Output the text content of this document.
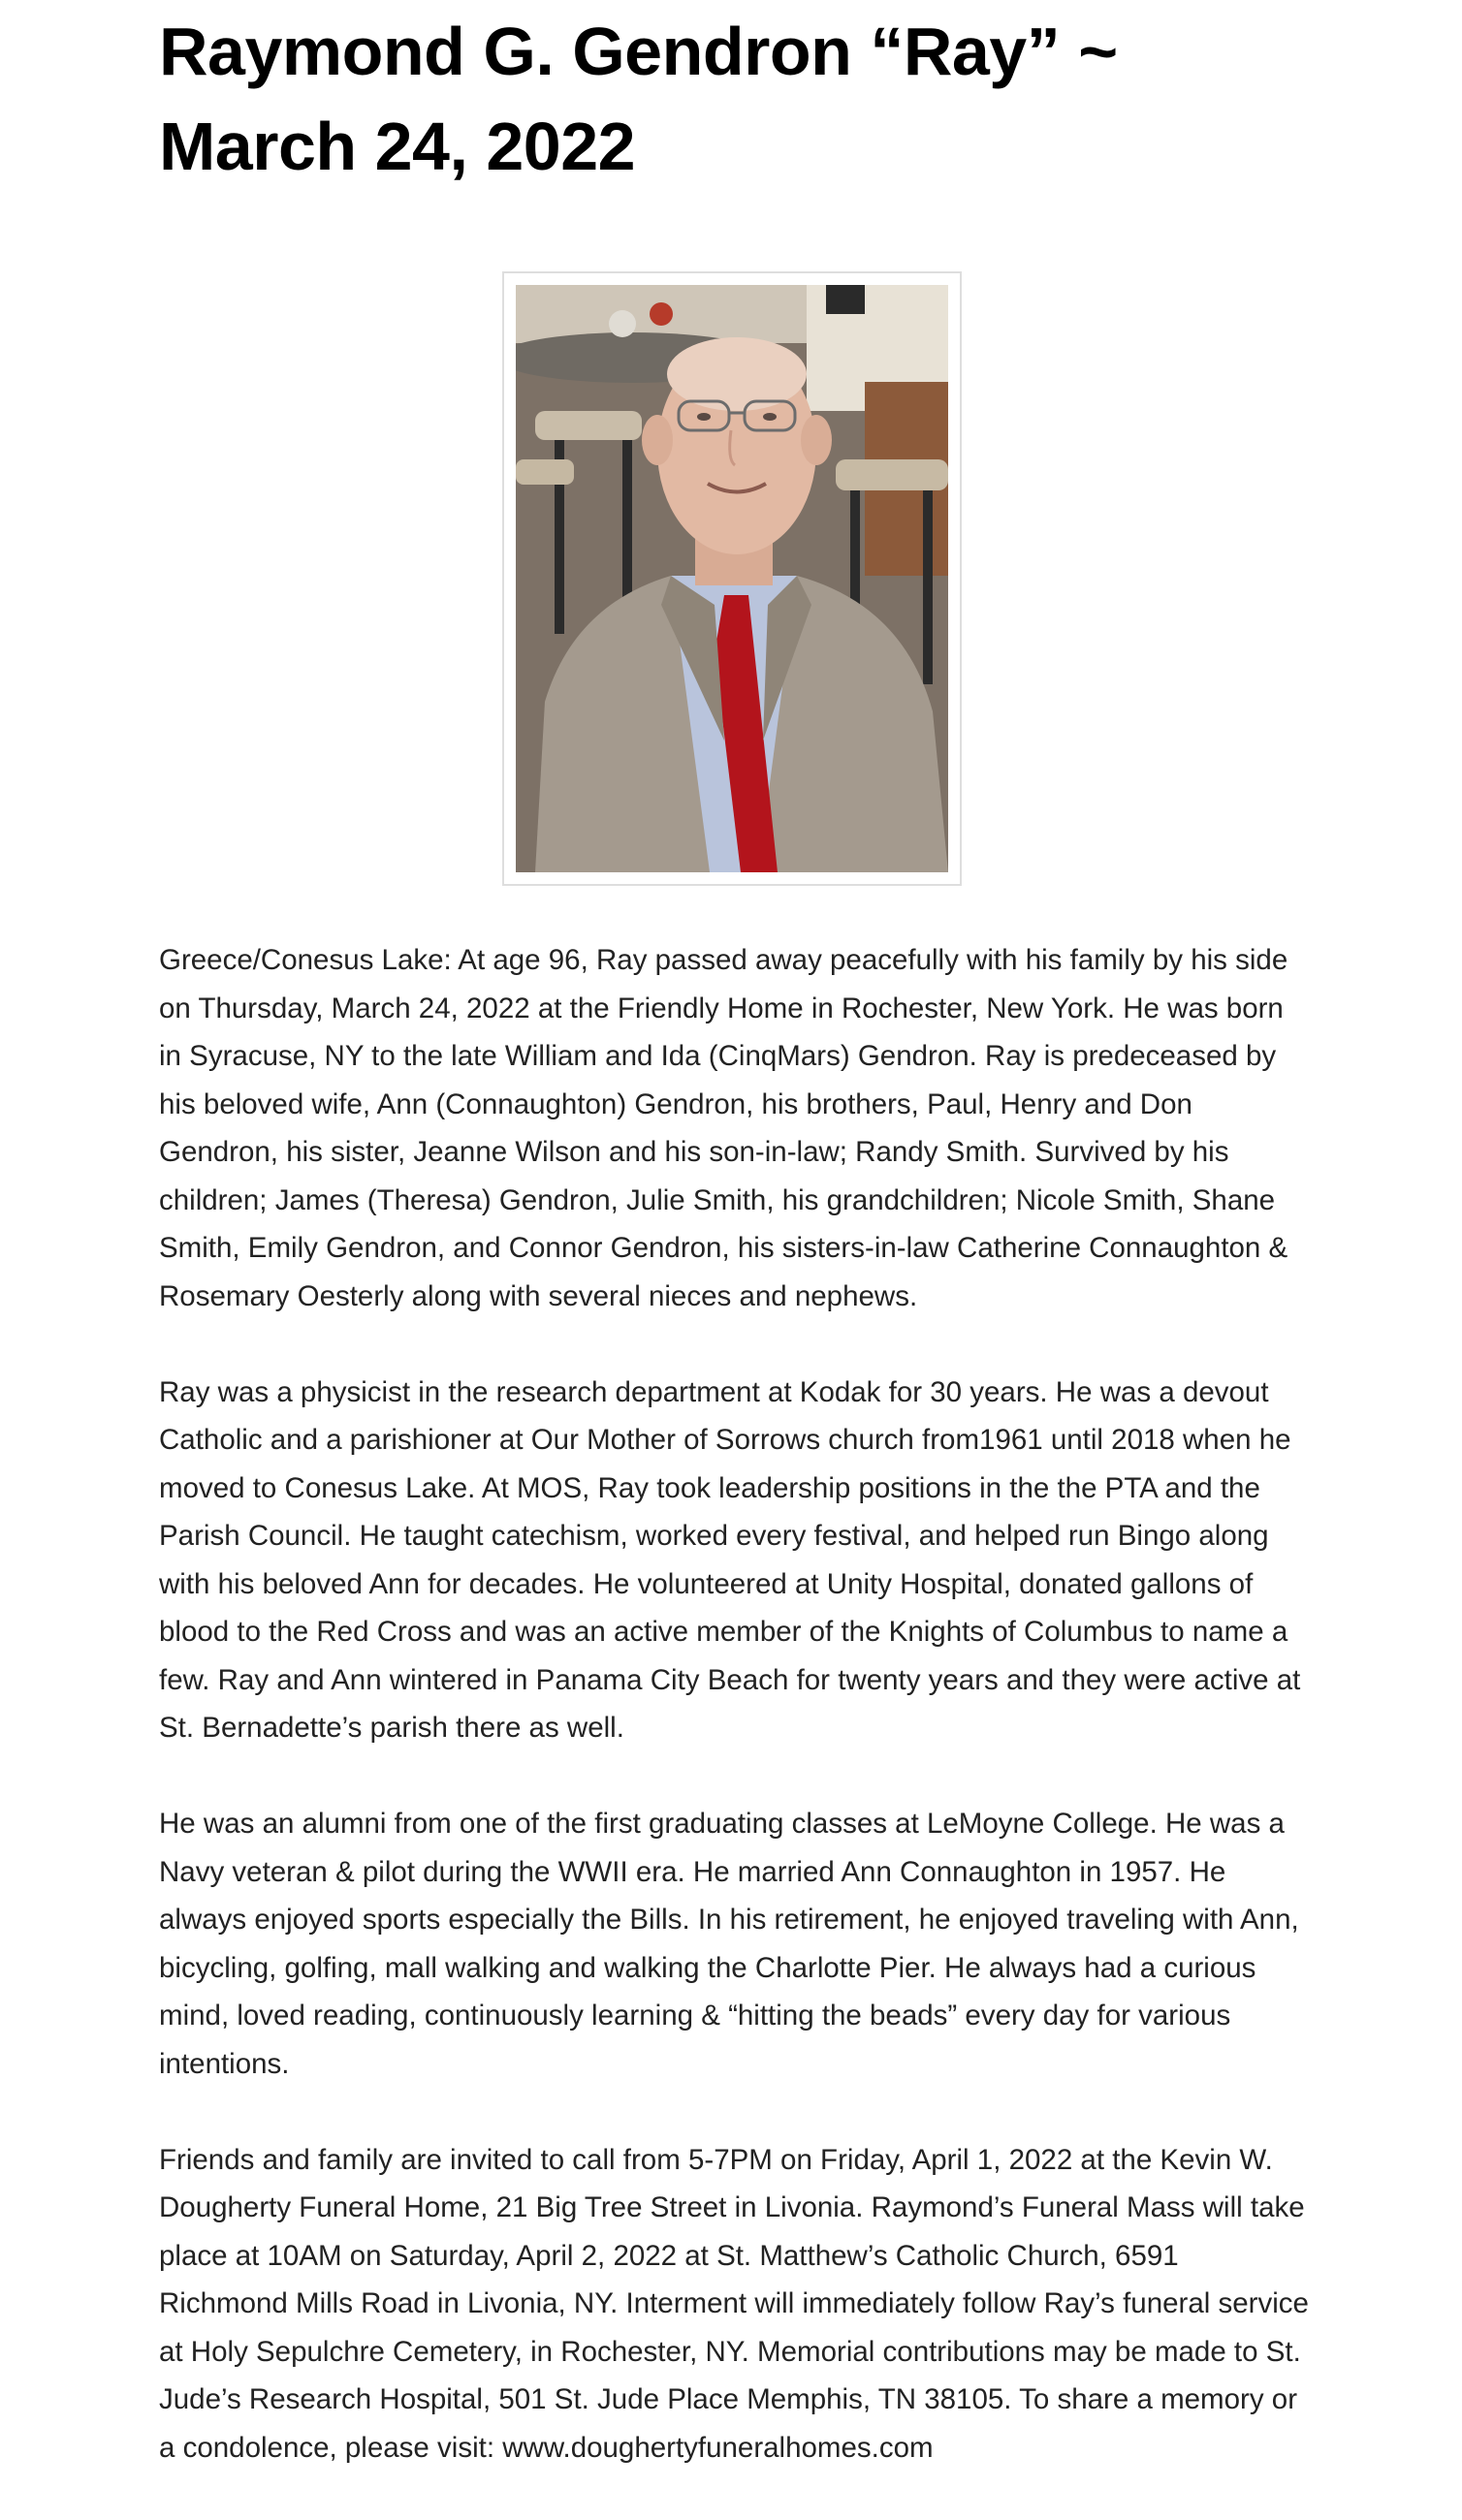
Raymond G. Gendron “Ray” ~
March 24, 2022

Greece/Conesus Lake: At age 96, Ray passed away peacefully with his family by his side on Thursday, March 24, 2022 at the Friendly Home in Rochester, New York. He was born in Syracuse, NY to the late William and Ida (CinqMars) Gendron. Ray is predeceased by his beloved wife, Ann (Connaughton) Gendron, his brothers, Paul, Henry and Don Gendron, his sister, Jeanne Wilson and his son-in-law; Randy Smith. Survived by his children; James (Theresa) Gendron, Julie Smith, his grandchildren; Nicole Smith, Shane Smith, Emily Gendron, and Connor Gendron, his sisters-in-law Catherine Connaughton & Rosemary Oesterly along with several nieces and nephews.

Ray was a physicist in the research department at Kodak for 30 years. He was a devout Catholic and a parishioner at Our Mother of Sorrows church from1961 until 2018 when he moved to Conesus Lake. At MOS, Ray took leadership positions in the the PTA and the Parish Council. He taught catechism, worked every festival, and helped run Bingo along with his beloved Ann for decades. He volunteered at Unity Hospital, donated gallons of blood to the Red Cross and was an active member of the Knights of Columbus to name a few. Ray and Ann wintered in Panama City Beach for twenty years and they were active at St. Bernadette’s parish there as well.

He was an alumni from one of the first graduating classes at LeMoyne College. He was a Navy veteran & pilot during the WWII era. He married Ann Connaughton in 1957. He always enjoyed sports especially the Bills. In his retirement, he enjoyed traveling with Ann, bicycling, golfing, mall walking and walking the Charlotte Pier. He always had a curious mind, loved reading, continuously learning & “hitting the beads” every day for various intentions.

Friends and family are invited to call from 5-7PM on Friday, April 1, 2022 at the Kevin W. Dougherty Funeral Home, 21 Big Tree Street in Livonia. Raymond’s Funeral Mass will take place at 10AM on Saturday, April 2, 2022 at St. Matthew’s Catholic Church, 6591 Richmond Mills Road in Livonia, NY. Interment will immediately follow Ray’s funeral service at Holy Sepulchre Cemetery, in Rochester, NY. Memorial contributions may be made to St. Jude’s Research Hospital, 501 St. Jude Place Memphis, TN 38105. To share a memory or a condolence, please visit: www.doughertyfuneralhomes.com
